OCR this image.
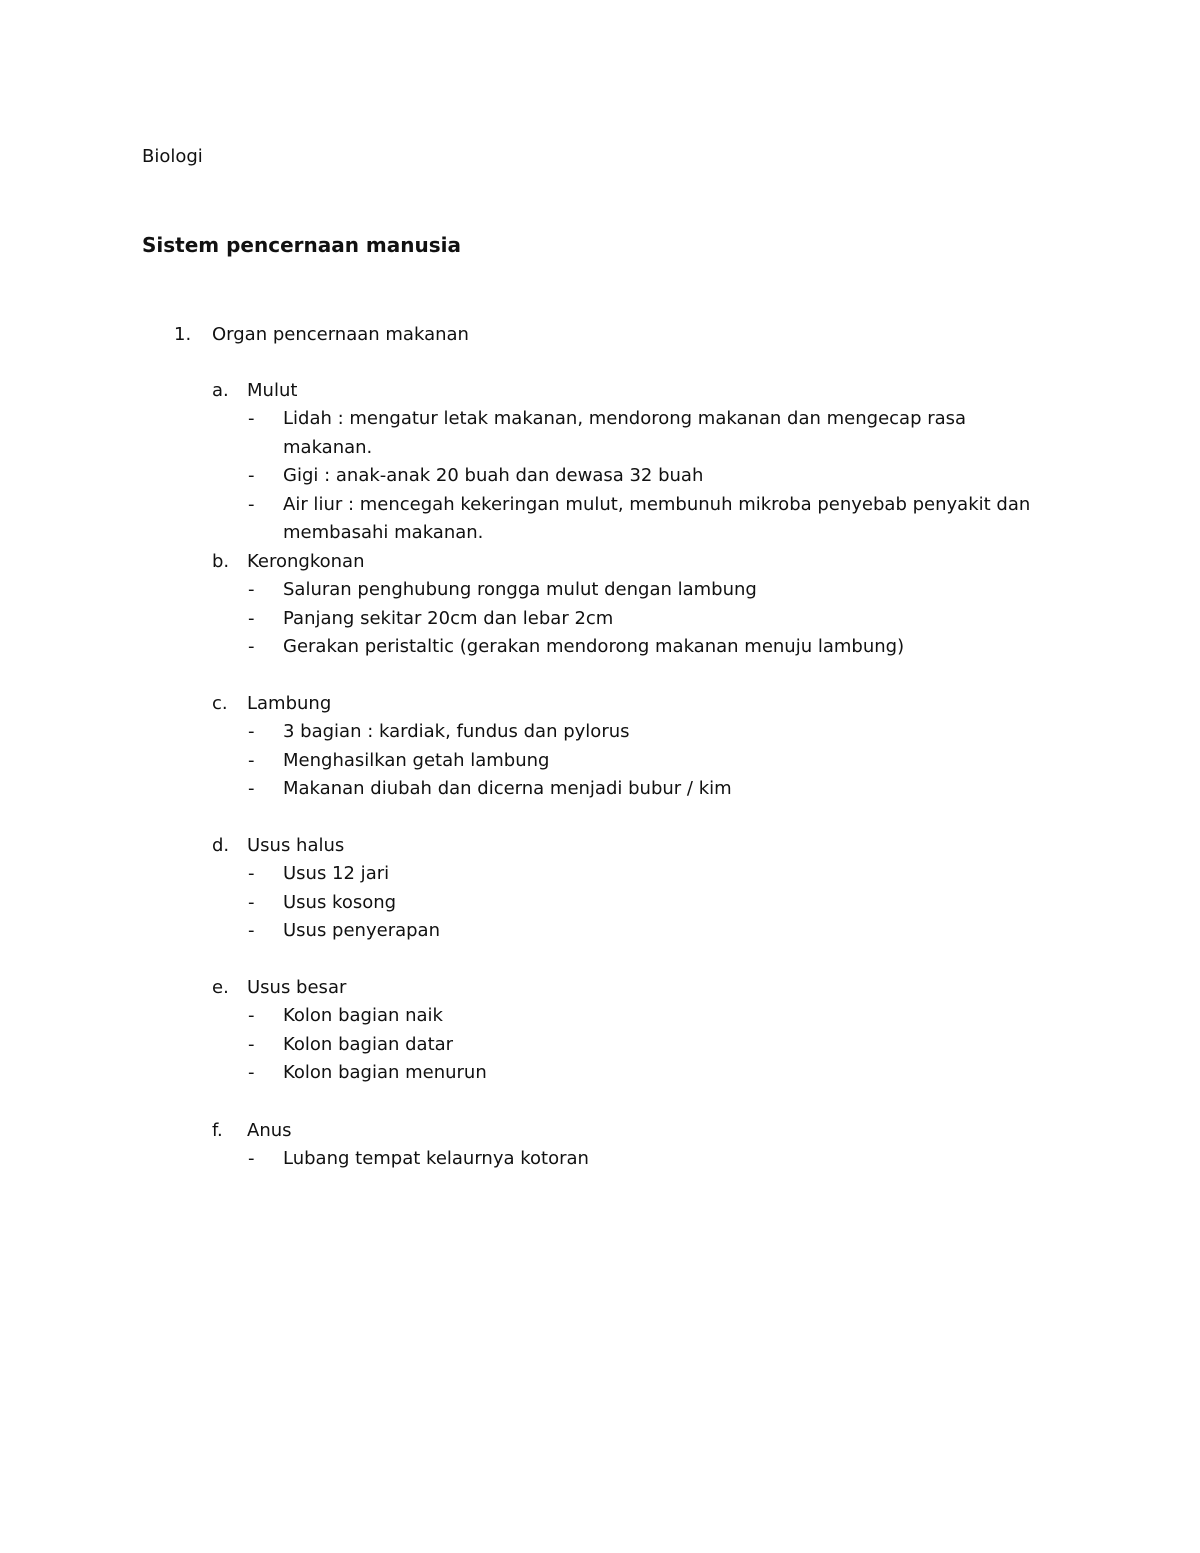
Biologi
Sistem pencernaan manusia
1. Organ pencernaan makanan
a. Mulut
- Lidah : mengatur letak makanan, mendorong makanan dan mengecap rasa makanan.
- Gigi : anak-anak 20 buah dan dewasa 32 buah
- Air liur : mencegah kekeringan mulut, membunuh mikroba penyebab penyakit dan membasahi makanan.
b. Kerongkonan
- Saluran penghubung rongga mulut dengan lambung
- Panjang sekitar 20cm dan lebar 2cm
- Gerakan peristaltic (gerakan mendorong makanan menuju lambung)
c. Lambung
- 3 bagian : kardiak, fundus dan pylorus
- Menghasilkan getah lambung
- Makanan diubah dan dicerna menjadi bubur / kim
d. Usus halus
- Usus 12 jari
- Usus kosong
- Usus penyerapan
e. Usus besar
- Kolon bagian naik
- Kolon bagian datar
- Kolon bagian menurun
f. Anus
- Lubang tempat kelaurnya kotoran
